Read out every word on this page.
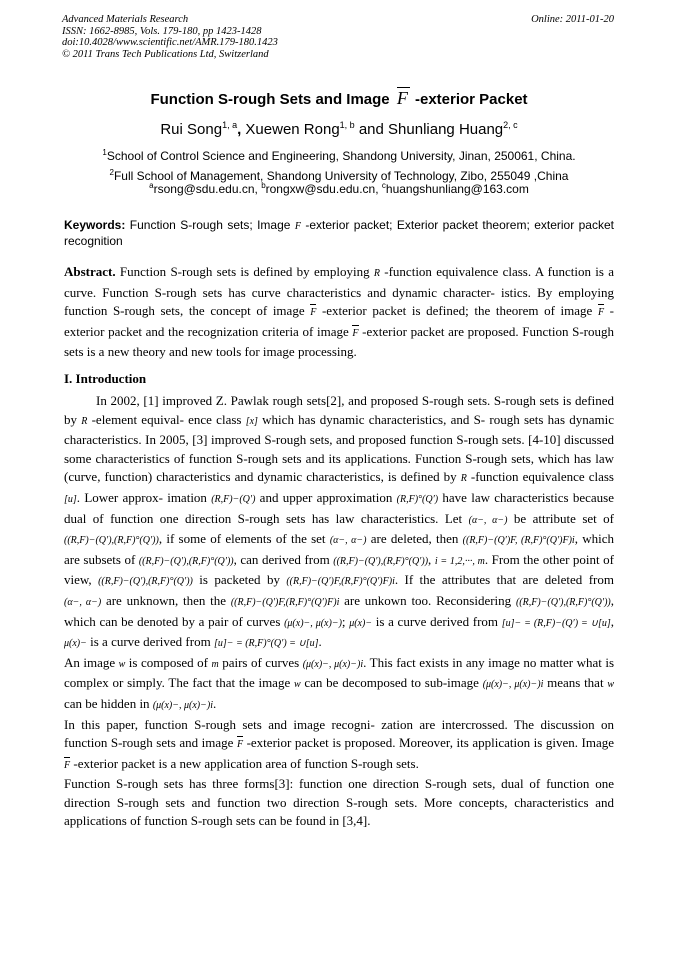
Advanced Materials Research
ISSN: 1662-8985, Vols. 179-180, pp 1423-1428
doi:10.4028/www.scientific.net/AMR.179-180.1423
© 2011 Trans Tech Publications Ltd, Switzerland
Online: 2011-01-20
Function S-rough Sets and Image F -exterior Packet
Rui Song$^{1, a}$, Xuewen Rong$^{1, b}$ and Shunliang Huang$^{2, c}$
$^1$School of Control Science and Engineering, Shandong University, Jinan, 250061, China.
$^2$Full School of Management, Shandong University of Technology, Zibo, 255049 ,China
$^a$rsong@sdu.edu.cn, $^b$rongxw@sdu.edu.cn, $^c$huangshunliang@163.com
Keywords: Function S-rough sets; Image F -exterior packet; Exterior packet theorem; exterior packet recognition
Abstract. Function S-rough sets is defined by employing R -function equivalence class. A function is a curve. Function S-rough sets has curve characteristics and dynamic character- istics. By employing function S-rough sets, the concept of image F -exterior packet is defined; the theorem of image F -exterior packet and the recognization criteria of image F -exterior packet are proposed. Function S-rough sets is a new theory and new tools for image processing.
I. Introduction

In 2002, [1] improved Z. Pawlak rough sets[2], and proposed S-rough sets. S-rough sets is defined by R -element equival- ence class [x] which has dynamic characteristics, and S- rough sets has dynamic characteristics. In 2005, [3] improved S-rough sets, and proposed function S-rough sets. [4-10] discussed some characteristics of function S-rough sets and its applications. Function S-rough sets, which has law (curve, function) characteristics and dynamic characteristics, is defined by R -function equivalence class [u]. Lower approx- imation (R,F)−(Q′) and upper approximation (R,F)°(Q′) have law characteristics because dual of function one direction S-rough sets has law characteristics. Let (α−, α−) be attribute set of ((R,F)−(Q′),(R,F)°(Q′)), if some of elements of the set (α−, α−) are deleted, then ((R,F)−(Q′)F, (R,F)°(Q′)F)i, which are subsets of ((R,F)−(Q′),(R,F)°(Q′)), can derived from ((R,F)−(Q′),(R,F)°(Q′)), i = 1,2,···, m. From the other point of view, ((R,F)−(Q′),(R,F)°(Q′)) is packeted by ((R,F)−(Q′)F,(R,F)°(Q′)F)i. If the attributes that are deleted from (α−, α−) are unknown, then the ((R,F)−(Q′)F,(R,F)°(Q′)F)i are unkown too. Reconsidering ((R,F)−(Q′),(R,F)°(Q′)), which can be denoted by a pair of curves (μ(x)−, μ(x)−); μ(x)− is a curve derived from [u]− = (R,F)−(Q′) = ∪[u], μ(x)− is a curve derived from [u]− = (R,F)°(Q′) = ∪[u].

An image w is composed of m pairs of curves (μ(x)−, μ(x)−)i. This fact exists in any image no matter what is complex or simply. The fact that the image w can be decomposed to sub-image (μ(x)−, μ(x)−)i means that w can be hidden in (μ(x)−, μ(x)−)i.

In this paper, function S-rough sets and image recogni- zation are intercrossed. The discussion on function S-rough sets and image F -exterior packet is proposed. Moreover, its application is given. Image F -exterior packet is a new application area of function S-rough sets.

Function S-rough sets has three forms[3]: function one direction S-rough sets, dual of function one direction S-rough sets and function two direction S-rough sets. More concepts, characteristics and applications of function S-rough sets can be found in [3,4].
